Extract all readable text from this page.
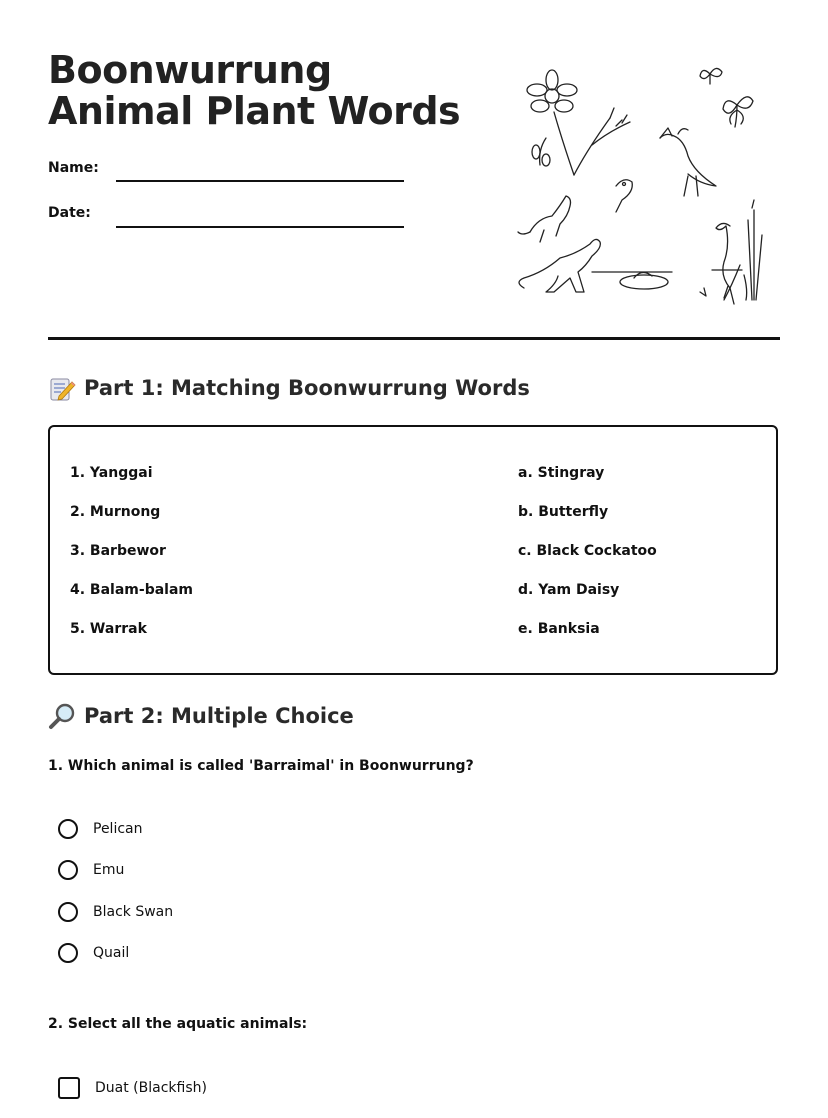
Boonwurrung Animal Plant Words
Name:
Date:
Part 1: Matching Boonwurrung Words
1. Yanggai
2. Murnong
3. Barbewor
4. Balam-balam
5. Warrak
a. Stingray
b. Butterfly
c. Black Cockatoo
d. Yam Daisy
e. Banksia
Part 2: Multiple Choice
1. Which animal is called 'Barraimal' in Boonwurrung?
Pelican
Emu
Black Swan
Quail
2. Select all the aquatic animals:
Duat (Blackfish)
